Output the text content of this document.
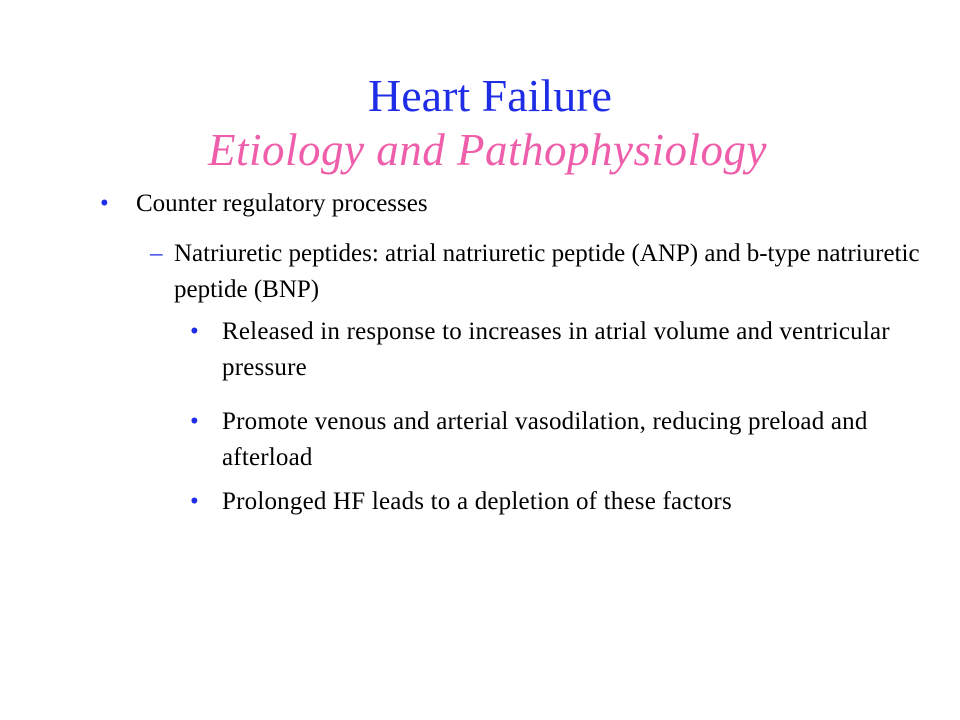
Heart Failure
Etiology and Pathophysiology
• Counter regulatory processes
– Natriuretic peptides: atrial natriuretic peptide (ANP) and b-type natriuretic peptide (BNP)
• Released in response to increases in atrial volume and ventricular pressure
• Promote venous and arterial vasodilation, reducing preload and afterload
• Prolonged HF leads to a depletion of these factors
